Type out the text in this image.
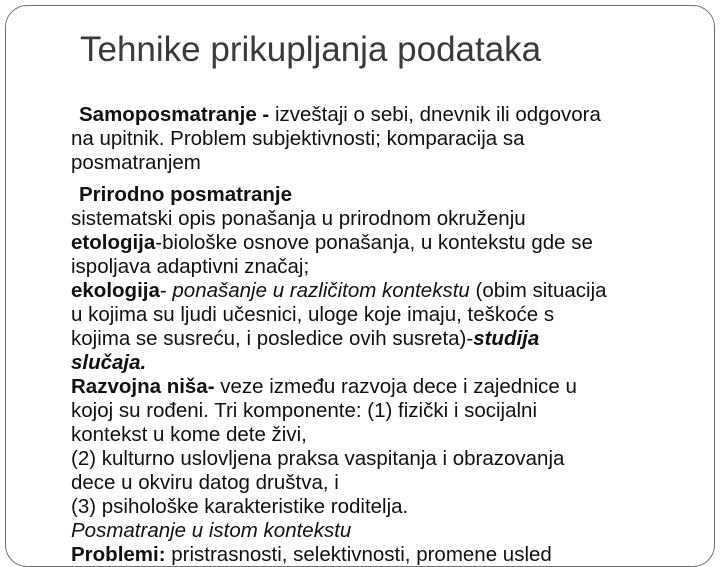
Tehnike prikupljanja podataka

Samoposmatranje - izveštaji o sebi, dnevnik ili odgovora

na upitnik. Problem subjektivnosti; komparacija sa

posmatranjem

Prirodno posmatranje

sistematski opis ponašanja u prirodnom okruženju

etologija-biološke osnove ponašanja, u kontekstu gde se

ispoljava adaptivni značaj;

ekologija- ponašanje u različitom kontekstu (obim situacija

u kojima su ljudi učesnici, uloge koje imaju, teškoće s

kojima se susreću, i posledice ovih susreta)-studija

slučaja.

Razvojna niša- veze između razvoja dece i zajednice u

kojoj su rođeni. Tri komponente: (1) fizički i socijalni

kontekst u kome dete živi,

(2) kulturno uslovljena praksa vaspitanja i obrazovanja

dece u okviru datog društva, i

(3) psihološke karakteristike roditelja.

Posmatranje u istom kontekstu

Problemi: pristrasnosti, selektivnosti, promene usled
